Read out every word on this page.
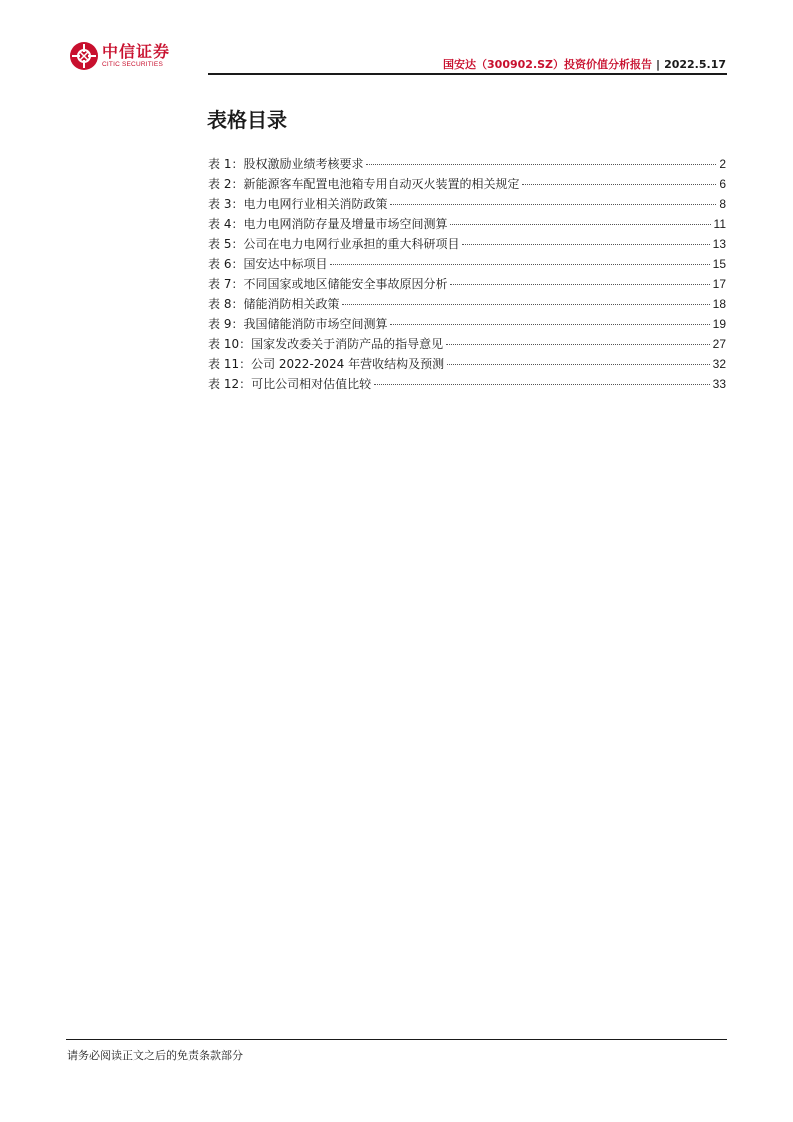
中信证券
CITIC SECURITIES	国安达（300902.SZ）投资价值分析报告 | 2022.5.17
表格目录
表 1：股权激励业绩考核要求	2
表 2：新能源客车配置电池箱专用自动灭火装置的相关规定	6
表 3：电力电网行业相关消防政策	8
表 4：电力电网消防存量及增量市场空间测算	11
表 5：公司在电力电网行业承担的重大科研项目	13
表 6：国安达中标项目	15
表 7：不同国家或地区储能安全事故原因分析	17
表 8：储能消防相关政策	18
表 9：我国储能消防市场空间测算	19
表 10：国家发改委关于消防产品的指导意见	27
表 11：公司 2022-2024 年营收结构及预测	32
表 12：可比公司相对估值比较	33
请务必阅读正文之后的免责条款部分
